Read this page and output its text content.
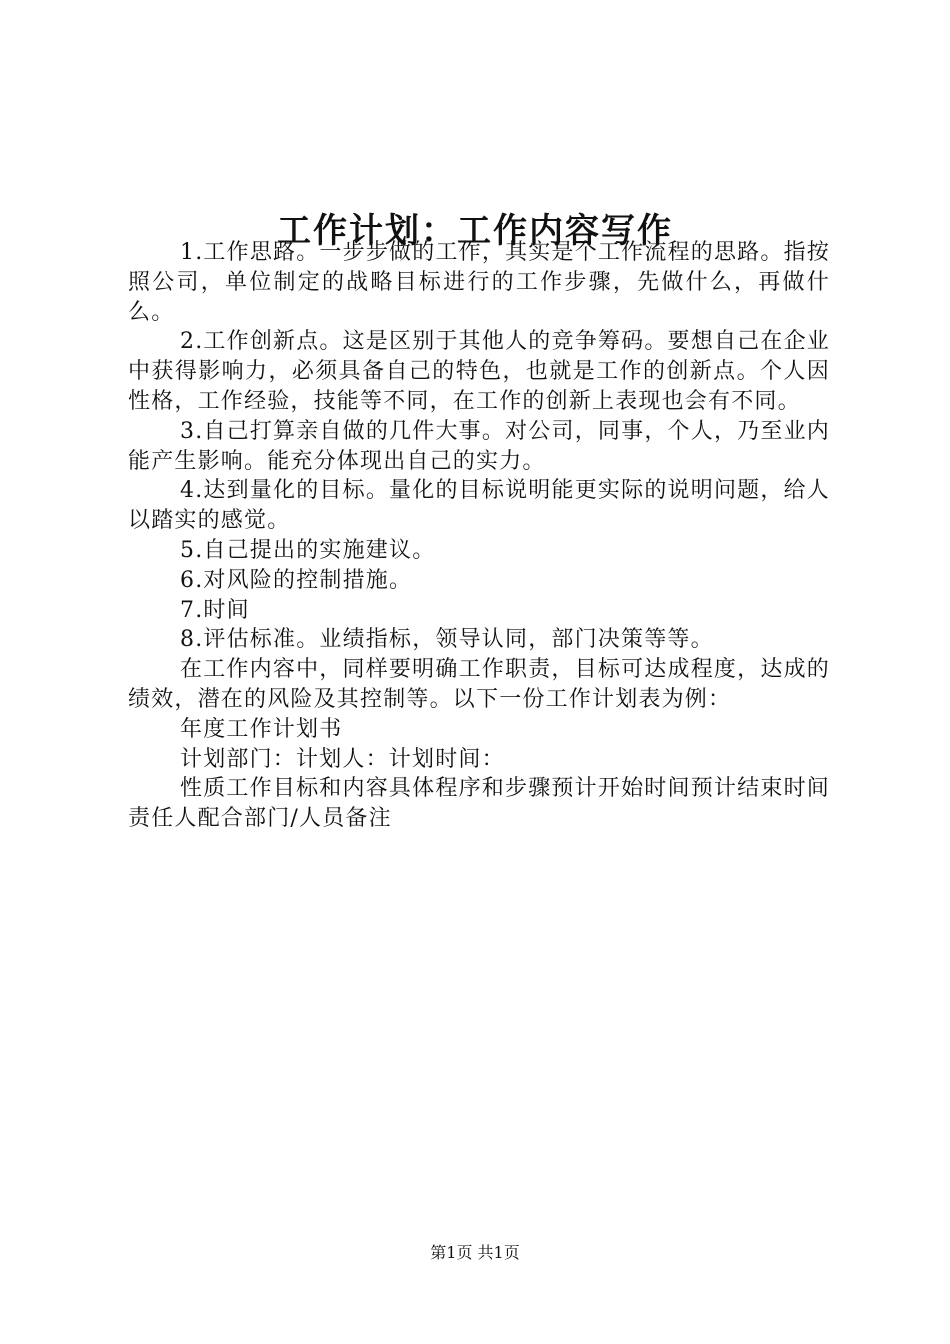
工作计划：工作内容写作

1.工作思路。一步步做的工作，其实是个工作流程的思路。指按照公司，单位制定的战略目标进行的工作步骤，先做什么，再做什么。

2.工作创新点。这是区别于其他人的竞争筹码。要想自己在企业中获得影响力，必须具备自己的特色，也就是工作的创新点。个人因性格，工作经验，技能等不同，在工作的创新上表现也会有不同。

3.自己打算亲自做的几件大事。对公司，同事，个人，乃至业内能产生影响。能充分体现出自己的实力。

4.达到量化的目标。量化的目标说明能更实际的说明问题，给人以踏实的感觉。

5.自己提出的实施建议。

6.对风险的控制措施。

7.时间

8.评估标准。业绩指标，领导认同，部门决策等等。

在工作内容中，同样要明确工作职责，目标可达成程度，达成的绩效，潜在的风险及其控制等。以下一份工作计划表为例：

年度工作计划书

计划部门：计划人：计划时间：

性质工作目标和内容具体程序和步骤预计开始时间预计结束时间责任人配合部门/人员备注

第1页 共1页
